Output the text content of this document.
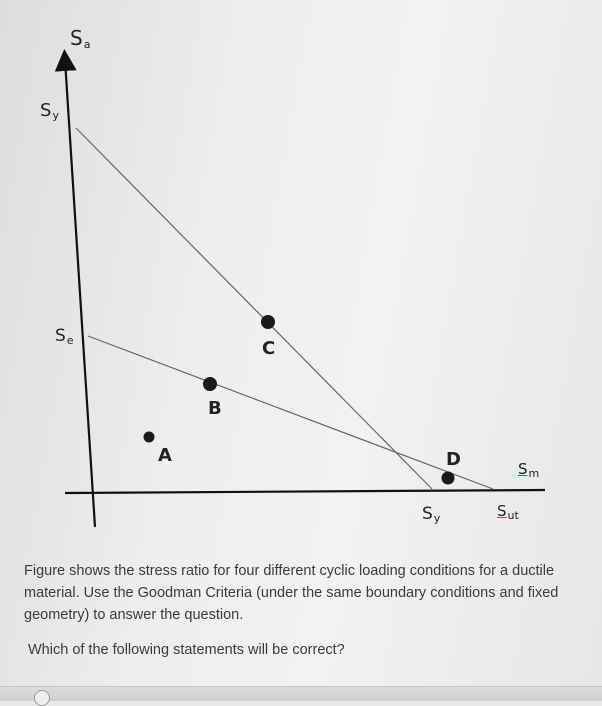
Sa
Sy
Se
Sy	$S_{ut}$
$S_m$
A
B
C
D
Figure shows the stress ratio for four different cyclic loading conditions for a ductile material. Use the Goodman Criteria (under the same boundary conditions and fixed geometry) to answer the question.
Which of the following statements will be correct?
